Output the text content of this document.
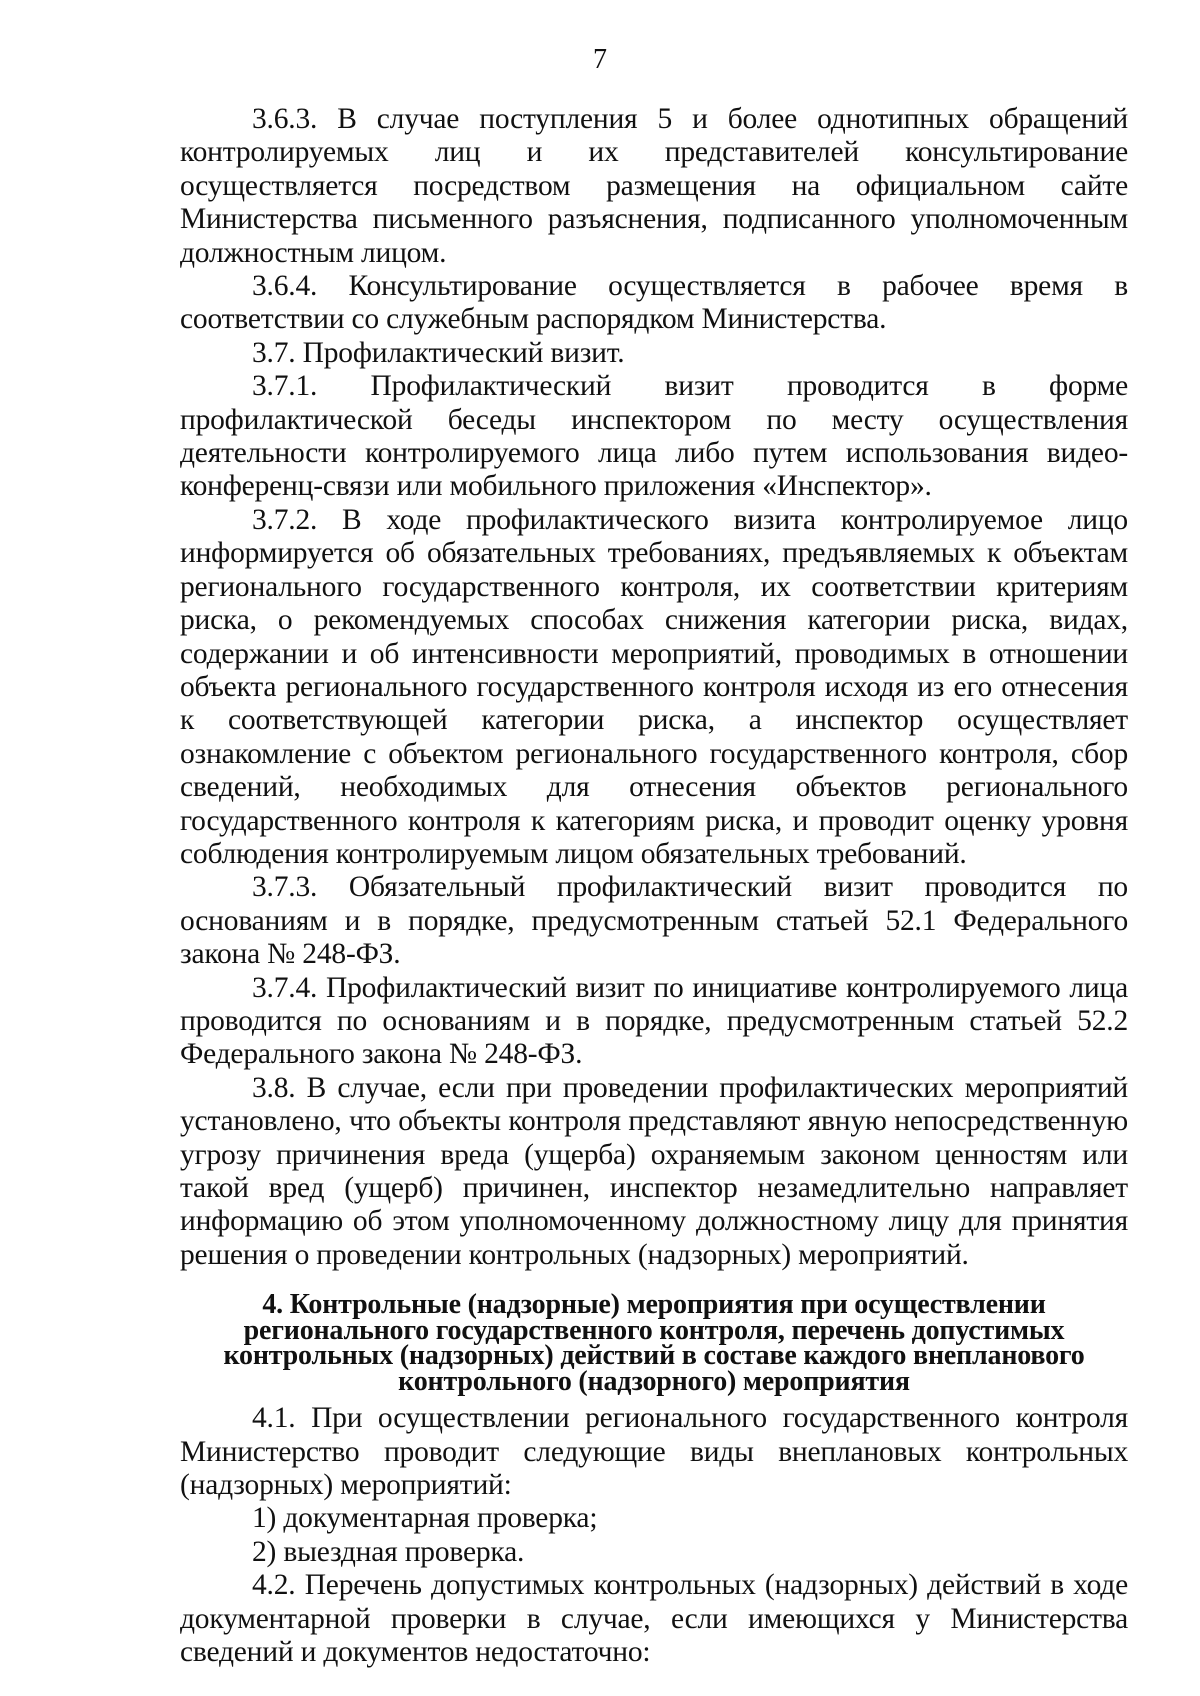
7

3.6.3. В случае поступления 5 и более однотипных обращений контролируемых лиц и их представителей консультирование осуществляется посредством размещения на официальном сайте Министерства письменного разъяснения, подписанного уполномоченным должностным лицом.

3.6.4. Консультирование осуществляется в рабочее время в соответствии со служебным распорядком Министерства.

3.7. Профилактический визит.

3.7.1. Профилактический визит проводится в форме профилактической беседы инспектором по месту осуществления деятельности контролируемого лица либо путем использования видео-конференц-связи или мобильного приложения «Инспектор».

3.7.2. В ходе профилактического визита контролируемое лицо информируется об обязательных требованиях, предъявляемых к объектам регионального государственного контроля, их соответствии критериям риска, о рекомендуемых способах снижения категории риска, видах, содержании и об интенсивности мероприятий, проводимых в отношении объекта регионального государственного контроля исходя из его отнесения к соответствующей категории риска, а инспектор осуществляет ознакомление с объектом регионального государственного контроля, сбор сведений, необходимых для отнесения объектов регионального государственного контроля к категориям риска, и проводит оценку уровня соблюдения контролируемым лицом обязательных требований.

3.7.3. Обязательный профилактический визит проводится по основаниям и в порядке, предусмотренным статьей 52.1 Федерального закона № 248-ФЗ.

3.7.4. Профилактический визит по инициативе контролируемого лица проводится по основаниям и в порядке, предусмотренным статьей 52.2 Федерального закона № 248-ФЗ.

3.8. В случае, если при проведении профилактических мероприятий установлено, что объекты контроля представляют явную непосредственную угрозу причинения вреда (ущерба) охраняемым законом ценностям или такой вред (ущерб) причинен, инспектор незамедлительно направляет информацию об этом уполномоченному должностному лицу для принятия решения о проведении контрольных (надзорных) мероприятий.

4. Контрольные (надзорные) мероприятия при осуществлении
регионального государственного контроля, перечень допустимых
контрольных (надзорных) действий в составе каждого внепланового
контрольного (надзорного) мероприятия

4.1. При осуществлении регионального государственного контроля Министерство проводит следующие виды внеплановых контрольных (надзорных) мероприятий:

1) документарная проверка;

2) выездная проверка.

4.2. Перечень допустимых контрольных (надзорных) действий в ходе документарной проверки в случае, если имеющихся у Министерства сведений и документов недостаточно:
